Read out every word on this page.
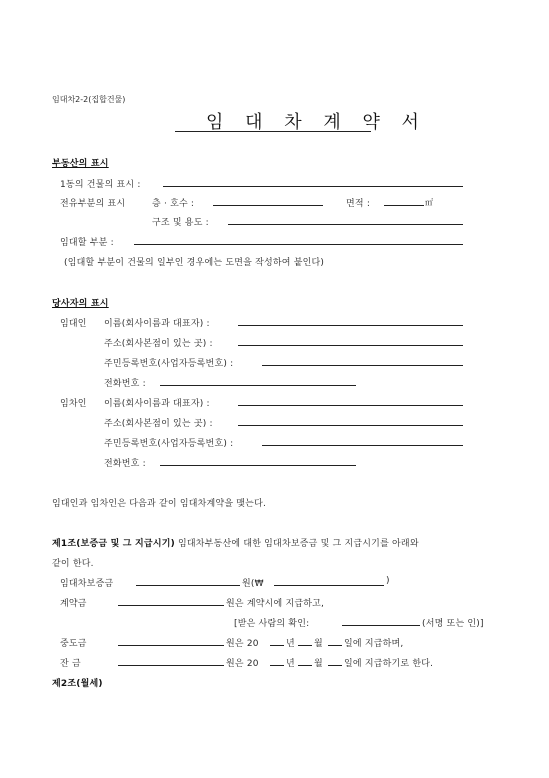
임대차2-2(집합건물)
임 대 차 계 약 서
부동산의 표시
1동의 건물의 표시 :
전유부분의 표시	층 · 호수 :	면적 :	㎡
구조 및 용도 :
임대할 부분 :
(임대할 부분이 건물의 일부인 경우에는 도면을 작성하여 붙인다)
당사자의 표시
임대인 이름(회사이름과 대표자) :
주소(회사본점이 있는 곳) :
주민등록번호(사업자등록번호) :
전화번호 :
임차인 이름(회사이름과 대표자) :
주소(회사본점이 있는 곳) :
주민등록번호(사업자등록번호) :
전화번호 :
임대인과 임차인은 다음과 같이 임대차계약을 맺는다.
제1조(보증금 및 그 지급시기) 임대차부동산에 대한 임대차보증금 및 그 지급시기를 아래와
같이 한다.
임대차보증금	원(₩	)
계약금	원은 계약시에 지급하고,
[받은 사람의 확인:	(서명 또는 인)]
중도금	원은 20	년 월 일에 지급하며,
잔 금	원은 20	년 월 일에 지급하기로 한다.
제2조(월세)
